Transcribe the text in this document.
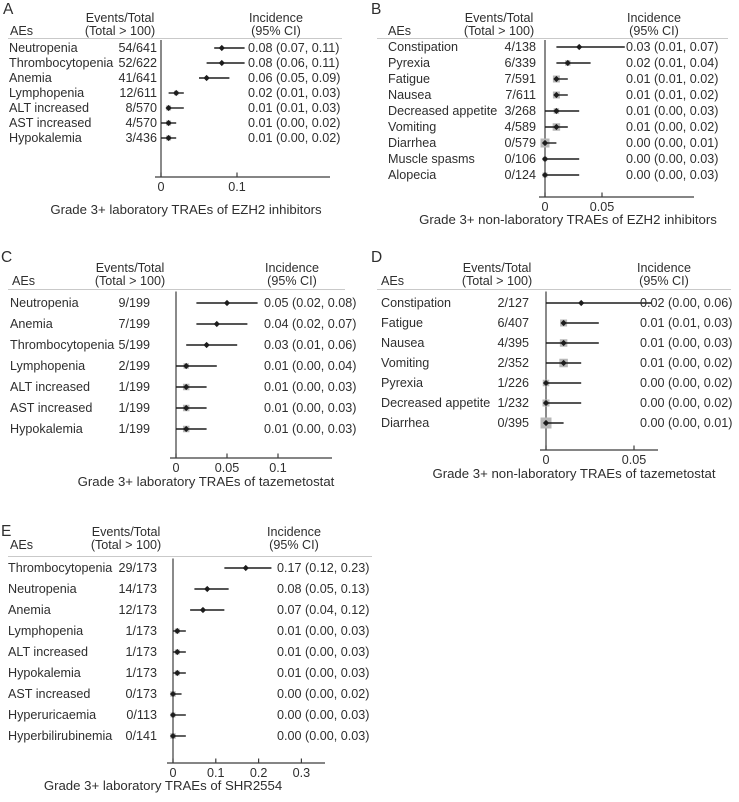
A
AEs
Events/Total
(Total > 100)
Incidence
(95% CI)
Neutropenia	54/641	0.08 (0.07, 0.11)
Thrombocytopenia 52/622	0.08 (0.06, 0.11)
Anemia	41/641	0.06 (0.05, 0.09)
Lymphopenia	12/611	0.02 (0.01, 0.03)
ALT increased	8/570	0.01 (0.01, 0.03)
AST increased	4/570	0.01 (0.00, 0.02)
Hypokalemia	3/436	0.01 (0.00, 0.02)
0	0.1
Grade 3+ laboratory TRAEs of EZH2 inhibitors
B
AEs
Events/Total
(Total > 100)
Incidence
(95% CI)
Constipation	4/138	0.03 (0.01, 0.07)
Pyrexia	6/339	0.02 (0.01, 0.04)
Fatigue	7/591	0.01 (0.01, 0.02)
Nausea	7/611	0.01 (0.01, 0.02)
Decreased appetite 3/268	0.01 (0.00, 0.03)
Vomiting	4/589	0.01 (0.00, 0.02)
Diarrhea	0/579	0.00 (0.00, 0.01)
Muscle spasms 0/106	0.00 (0.00, 0.03)
Alopecia	0/124	0.00 (0.00, 0.03)
0	0.05
Grade 3+ non-laboratory TRAEs of EZH2 inhibitors
C
AEs
Events/Total
(Total > 100)
Incidence
(95% CI)
Neutropenia	9/199	0.05 (0.02, 0.08)
Anemia	7/199	0.04 (0.02, 0.07)
Thrombocytopenia 5/199	0.03 (0.01, 0.06)
Lymphopenia	2/199	0.01 (0.00, 0.04)
ALT increased 1/199	0.01 (0.00, 0.03)
AST increased 1/199	0.01 (0.00, 0.03)
Hypokalemia	1/199	0.01 (0.00, 0.03)
0	0.05 0.1
Grade 3+ laboratory TRAEs of tazemetostat
D
AEs
Events/Total
(Total > 100)
Incidence
(95% CI)
Constipation	2/127	0.02 (0.00, 0.06)
Fatigue	6/407	0.01 (0.01, 0.03)
Nausea	4/395	0.01 (0.00, 0.03)
Vomiting	2/352	0.01 (0.00, 0.02)
Pyrexia	1/226	0.00 (0.00, 0.02)
Decreased appetite 1/232	0.00 (0.00, 0.02)
Diarrhea	0/395	0.00 (0.00, 0.01)
0	0.05
Grade 3+ non-laboratory TRAEs of tazemetostat
E
AEs
Events/Total
(Total > 100)
Incidence
(95% CI)
Thrombocytopenia 29/173	0.17 (0.12, 0.23)
Neutropenia	14/173	0.08 (0.05, 0.13)
Anemia	12/173	0.07 (0.04, 0.12)
Lymphopenia	1/173	0.01 (0.00, 0.03)
ALT increased	1/173	0.01 (0.00, 0.03)
Hypokalemia	1/173	0.01 (0.00, 0.03)
AST increased	0/173	0.00 (0.00, 0.02)
Hyperuricaemia 0/113	0.00 (0.00, 0.03)
Hyperbilirubinemia 0/141	0.00 (0.00, 0.03)
0 0.1 0.2 0.3
Grade 3+ laboratory TRAEs of SHR2554
